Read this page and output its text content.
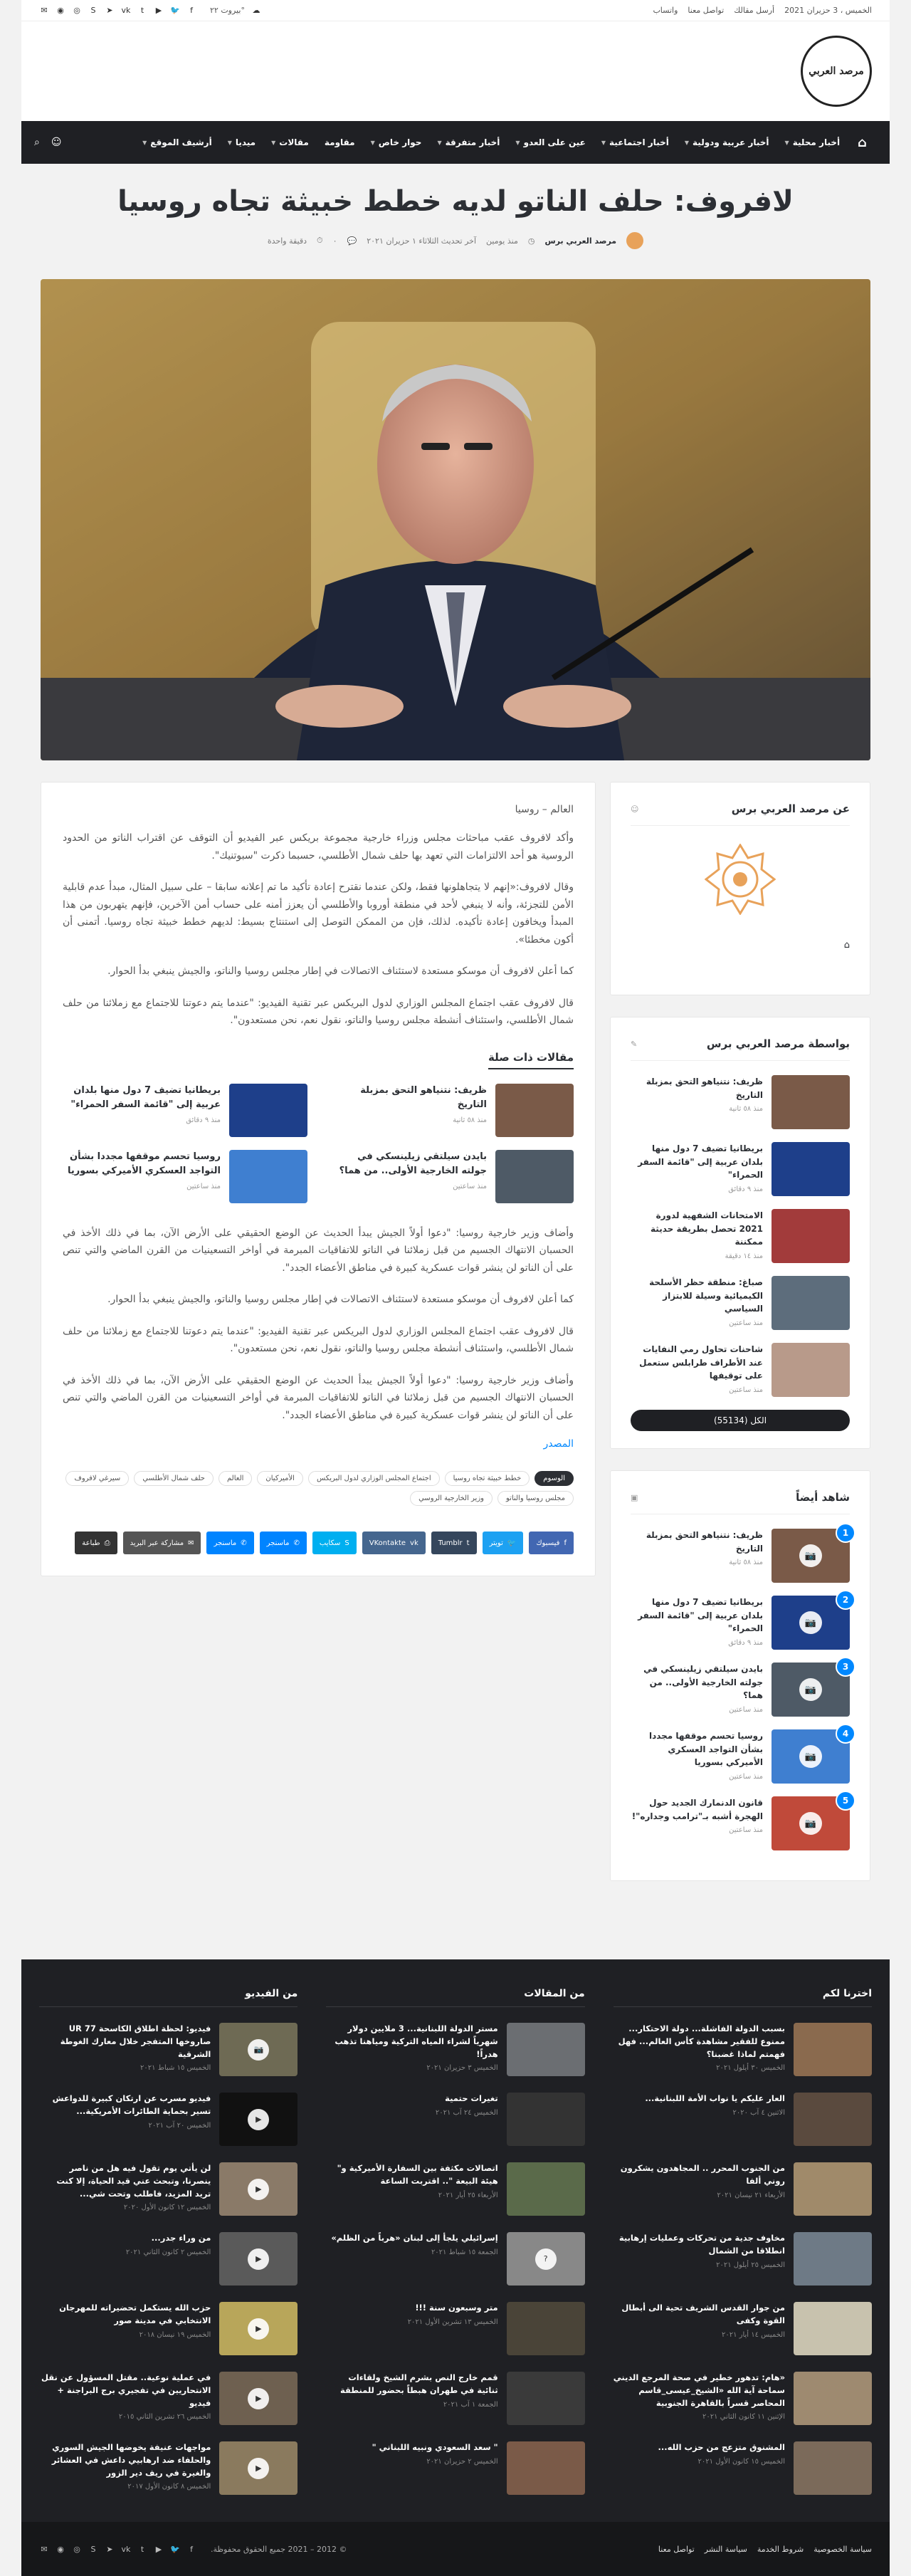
الخميس ، 3 حزيران 2021
أرسل مقالك
تواصل معنا
واتساب
✉ ◉ ◎	S	➤ vk	t	▶ 🐦	f	بيروت ٢٢° ☁
مرصد العربي
⌂
أخبار محلية
▼
أخبار عربية ودولية
▼
أخبار اجتماعية
▼
عين على العدو
▼
أخبار متفرقة
▼
حوار خاص
▼
مقاومة
مقالات
▼
ميديا
▼
أرشيف الموقع
▼
☺
⌕
لافروف: حلف الناتو لديه خطط خبيثة تجاه روسيا
مرصد العربي برس
◷
منذ يومين
آخر تحديث الثلاثاء ١ حزيران ٢٠٢١
💬
٠
⏱
دقيقة واحدة
العالم – روسيا

وأكد لافروف عقب مباحثات مجلس وزراء خارجية مجموعة بريكس عبر الفيديو أن التوقف عن اقتراب الناتو من الحدود الروسية هو أحد الالتزامات التي تعهد بها حلف شمال الأطلسي، حسبما ذكرت "سبوتنيك".

وقال لافروف:«إنهم لا يتجاهلونها فقط، ولكن عندما نقترح إعادة تأكيد ما تم إعلانه سابقا – على سبيل المثال، مبدأ عدم قابلية الأمن للتجزئة، وأنه لا ينبغي لأحد في منطقة أوروبا والأطلسي أن يعزز أمنه على حساب أمن الآخرين، فإنهم يتهربون من هذا المبدأ ويخافون إعادة تأكيده. لذلك، فإن من الممكن التوصل إلى استنتاج بسيط: لديهم خطط خبيثة تجاه روسيا. أتمنى أن أكون مخطئا».

كما أعلن لافروف أن موسكو مستعدة لاستئناف الاتصالات في إطار مجلس روسيا والناتو، والجيش ينبغي بدأ الحوار.

قال لافروف عقب اجتماع المجلس الوزاري لدول البريكس عبر تقنية الفيديو: "عندما يتم دعوتنا للاجتماع مع زملائنا من حلف شمال الأطلسي، واستئناف أنشطة مجلس روسيا والناتو، نقول نعم، نحن مستعدون".

مقالات ذات صلة
ظريف: نتنياهو التحق بمزبلة التاريخ
منذ ٥٨ ثانية
بريطانيا تضيف 7 دول منها بلدان عربية إلى "قائمة السفر الحمراء"
منذ ٩ دقائق
بايدن سيلتقي زيلينسكي في جولته الخارجية الأولى.. من هما؟
منذ ساعتين
روسيا تحسم موقفها مجددا بشأن التواجد العسكري الأميركي بسوريا
منذ ساعتين

وأضاف وزير خارجية روسيا: "دعوا أولاً الجيش يبدأ الحديث عن الوضع الحقيقي على الأرض الآن، بما في ذلك الأخذ في الحسبان الانتهاك الجسيم من قبل زملائنا في الناتو للاتفاقيات المبرمة في أواخر التسعينيات من القرن الماضي والتي تنص على أن الناتو لن ينشر قوات عسكرية كبيرة في مناطق الأعضاء الجدد".

كما أعلن لافروف أن موسكو مستعدة لاستئناف الاتصالات في إطار مجلس روسيا والناتو، والجيش ينبغي بدأ الحوار.

قال لافروف عقب اجتماع المجلس الوزاري لدول البريكس عبر تقنية الفيديو: "عندما يتم دعوتنا للاجتماع مع زملائنا من حلف شمال الأطلسي، واستئناف أنشطة مجلس روسيا والناتو، نقول نعم، نحن مستعدون".

وأضاف وزير خارجية روسيا: "دعوا أولاً الجيش يبدأ الحديث عن الوضع الحقيقي على الأرض الآن، بما في ذلك الأخذ في الحسبان الانتهاك الجسيم من قبل زملائنا في الناتو للاتفاقيات المبرمة في أواخر التسعينيات من القرن الماضي والتي تنص على أن الناتو لن ينشر قوات عسكرية كبيرة في مناطق الأعضاء الجدد".

المصدر
الوسوم
خطط خبيثة تجاه روسيا
اجتماع المجلس الوزاري لدول البريكس
الأميركيان
العالم
حلف شمال الأطلسي
سيرغي لافروف
مجلس روسيا والناتو
وزير الخارجية الروسي
f
فيسبوك
🐦
تويتر
t
Tumblr
vk
VKontakte
S
سكايب
✆
ماسنجر
✆
ماسنجر
✉
مشاركة عبر البريد
⎙
طباعة
عن مرصد العربي برس
☺
⌂
بواسطة مرصد العربي برس
✎
ظريف: نتنياهو التحق بمزبلة التاريخ
منذ ٥٨ ثانية
بريطانيا تضيف 7 دول منها بلدان عربية إلى "قائمة السفر الحمراء"
منذ ٩ دقائق
الامتحانات الشفهية لدورة 2021 تحصل بطريقة حديثة ممكننة
منذ ١٤ دقيقة
صباغ: منطقة حظر الأسلحة الكيميائية وسيلة للابتزاز السياسي
منذ ساعتين
شاحنات تحاول رمي النفايات عند الأطراف طرابلس ستعمل على توقيفها
منذ ساعتين
الكل (55134)
شاهد أيضاً
▣
1
📷
ظريف: نتنياهو التحق بمزبلة التاريخ
منذ ٥٨ ثانية
2
📷
بريطانيا تضيف 7 دول منها بلدان عربية إلى "قائمة السفر الحمراء"
منذ ٩ دقائق
3
📷
بايدن سيلتقي زيلينسكي في جولته الخارجية الأولى.. من هما؟
منذ ساعتين
4
📷
روسيا تحسم موقفها مجددا بشأن التواجد العسكري الأميركي بسوريا
منذ ساعتين
5
📷
قانون الدنمارك الجديد حول الهجرة أشبه بـ"ترامب وجداره"!
منذ ساعتين
اخترنا لكم
بسبب الدولة الفاشلة... دولة الاحتكار... ممنوع للفقير مشاهدة كأس العالم... فهل فهمتم لماذا غضبنا؟
الخميس ٣٠ أيلول ٢٠٢١
العار عليكم يا نواب الأمة اللبنانية...
الاثنين ٤ آب ٢٠٢٠
من الجنوب المحرر .. المجاهدون يشكرون روني ألفا
الأربعاء ٢١ نيسان ٢٠٢١
مخاوف جدية من تحركات وعمليات إرهابية انطلاقا من الشمال
الخميس ٢٥ أيلول ٢٠٢١
من جوار القدس الشريف تحية الى أبطال القوة وكفى
الخميس ١٤ أيار ٢٠٢١
«هام: تدهور خطير في صحة المرجع الديني سماحة آية الله «الشيخ_عيسى_قاسم المحاصر قسراً بالقاهرة الجنوبية
الإثنين ١١ كانون الثاني ٢٠٢١
المشنوق متزعج من حزب الله...
الخميس ١٥ كانون الأول ٢٠٢١
من المقالات
مستر الدولة اللبنانية... 3 ملايين دولار شهرياً لشراء المياه التركية ومياهنا تذهب هدراً!
الخميس ٣ حزيران ٢٠٢١
تغيرات حتمية
الخميس ٢٤ آب ٢٠٢١
اتصالات مكثفة بين السفارة الأميركية و" هيئة البيعة ".. اقتربت الساعة
الأربعاء ٢٥ أيار ٢٠٢١
?
إسرائيلي يلجأ إلى لبنان «هرباً من الظلم»
الجمعة ١٥ شباط ٢٠٢١
متر وسبعون سنة !!!
الخميس ١٣ تشرين الأول ٢٠٢١
قمم خارج النص بشرم الشيخ ولقاءات ثنائية في طهران هبطاً بحضور للمنطقة
الجمعة ١ آب ٢٠٢١
" سعد السعودي ونبيه اللبناني "
الخميس ٢ حزيران ٢٠٢١
من الفيديو
📷
فيديو: لحظة اطلاق الكاسحة UR 77 صاروخها المتفجر خلال معارك الغوطة الشرقية
الخميس ١٥ شباط ٢٠٢١
▶
فيديو مسرب عن ارتكان كبيرة للدواعش تسير بحماية الطائرات الأمريكية...
الخميس ٢٠ آب ٢٠٢١
▶
لن يأتي يوم تقول فيه هل من ناصر ينصرنا، وتبحث عني قيد الحياة، إلا كنت تريد المزيد، فاطلب وتحت شي...
الخميس ١٢ كانون الأول ٢٠٢٠
▶
من وراء جدر...
الخميس ٢ كانون الثاني ٢٠٢١
▶
حزب الله يستكمل تحضيراته للمهرجان الانتخابي في مدينة صور
الخميس ١٩ نيسان ٢٠١٨
▶
في عملية نوعية.. مقتل المسؤول عن نقل الانتحاريين في تفجيري برج البراجنة + فيديو
الخميس ٢٦ تشرين الثاني ٢٠١٥
▶
مواجهات عنيفة يخوضها الجيش السوري والحلفاء ضد ارهابيي داعش في العشائر والغيرة في ريف دير الزور
الخميس ٨ كانون الأول ٢٠١٧
سياسة الخصوصية
شروط الخدمة
سياسة النشر
تواصل معنا
© 2012 – 2021 جميع الحقوق محفوظة.
✉ ◉ ◎	S	➤ vk	t	▶ 🐦	f
